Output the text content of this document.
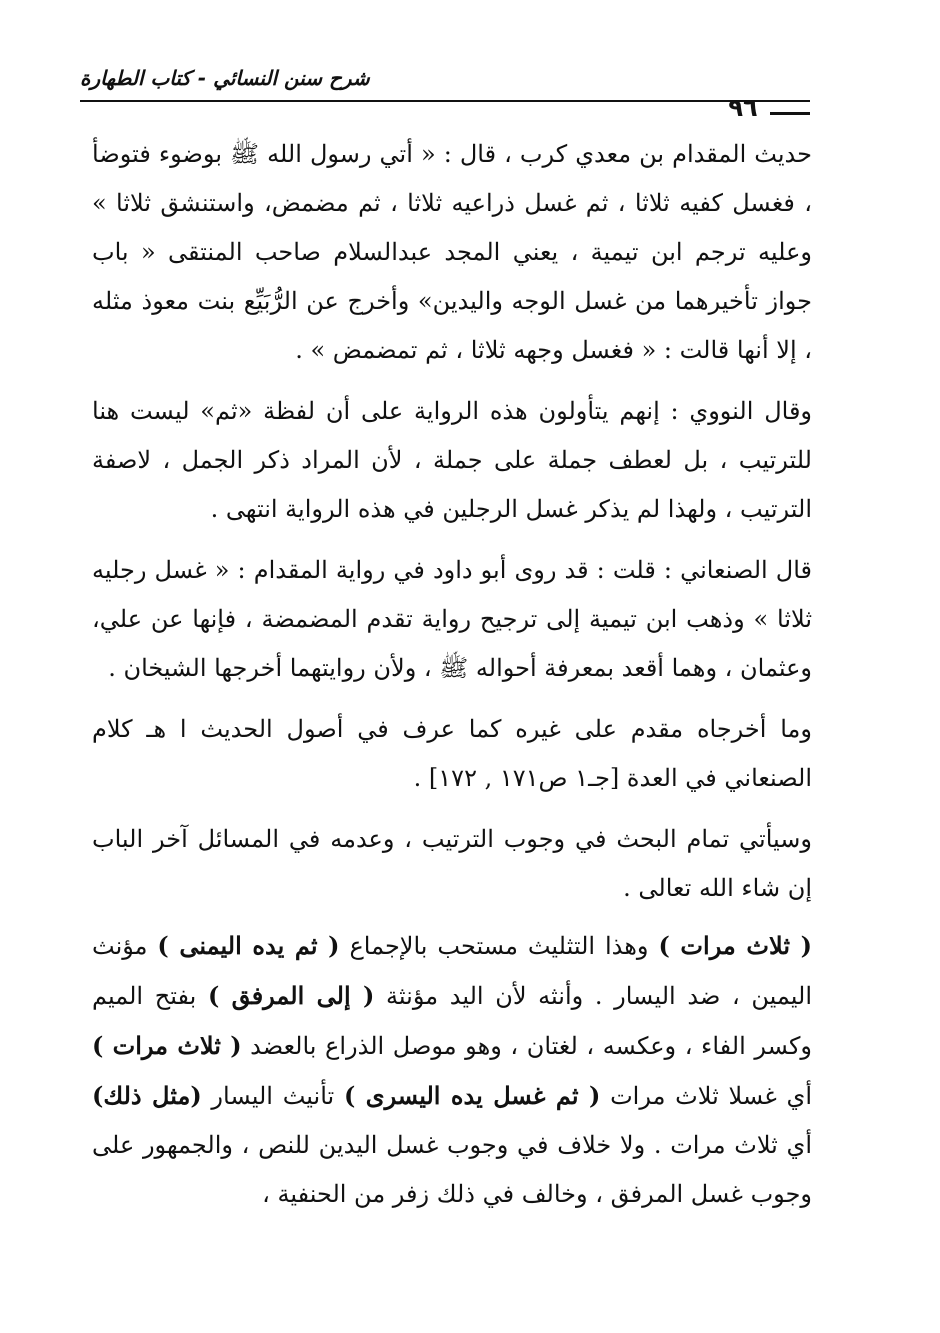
شرح سنن النسائي - كتاب الطهارة
٩٦

حديث المقدام بن معدي كرب ، قال : « أتي رسول الله ﷺ بوضوء فتوضأ ، فغسل كفيه ثلاثا ، ثم غسل ذراعيه ثلاثا ، ثم مضمض، واستنشق ثلاثا » وعليه ترجم ابن تيمية ، يعني المجد عبدالسلام صاحب المنتقى « باب جواز تأخيرهما من غسل الوجه واليدين» وأخرج عن الرُّبَيِّع بنت معوذ مثله ، إلا أنها قالت : « فغسل وجهه ثلاثا ، ثم تمضمض » .

وقال النووي : إنهم يتأولون هذه الرواية على أن لفظة «ثم» ليست هنا للترتيب ، بل لعطف جملة على جملة ، لأن المراد ذكر الجمل ، لاصفة الترتيب ، ولهذا لم يذكر غسل الرجلين في هذه الرواية انتهى .

قال الصنعاني : قلت : قد روى أبو داود في رواية المقدام : « غسل رجليه ثلاثا » وذهب ابن تيمية إلى ترجيح رواية تقدم المضمضة ، فإنها عن علي، وعثمان ، وهما أقعد بمعرفة أحواله ﷺ ، ولأن روايتهما أخرجها الشيخان .

وما أخرجاه مقدم على غيره كما عرف في أصول الحديث ا هـ كلام الصنعاني في العدة [جـ١ ص١٧١ , ١٧٢] .

وسيأتي تمام البحث في وجوب الترتيب ، وعدمه في المسائل آخر الباب إن شاء الله تعالى .

( ثلاث مرات ) وهذا التثليث مستحب بالإجماع ( ثم يده اليمنى ) مؤنث اليمين ، ضد اليسار . وأنثه لأن اليد مؤنثة ( إلى المرفق ) بفتح الميم وكسر الفاء ، وعكسه ، لغتان ، وهو موصل الذراع بالعضد ( ثلاث مرات ) أي غسلا ثلاث مرات ( ثم غسل يده اليسرى ) تأنيث اليسار (مثل ذلك) أي ثلاث مرات . ولا خلاف في وجوب غسل اليدين للنص ، والجمهور على وجوب غسل المرفق ، وخالف في ذلك زفر من الحنفية ،
